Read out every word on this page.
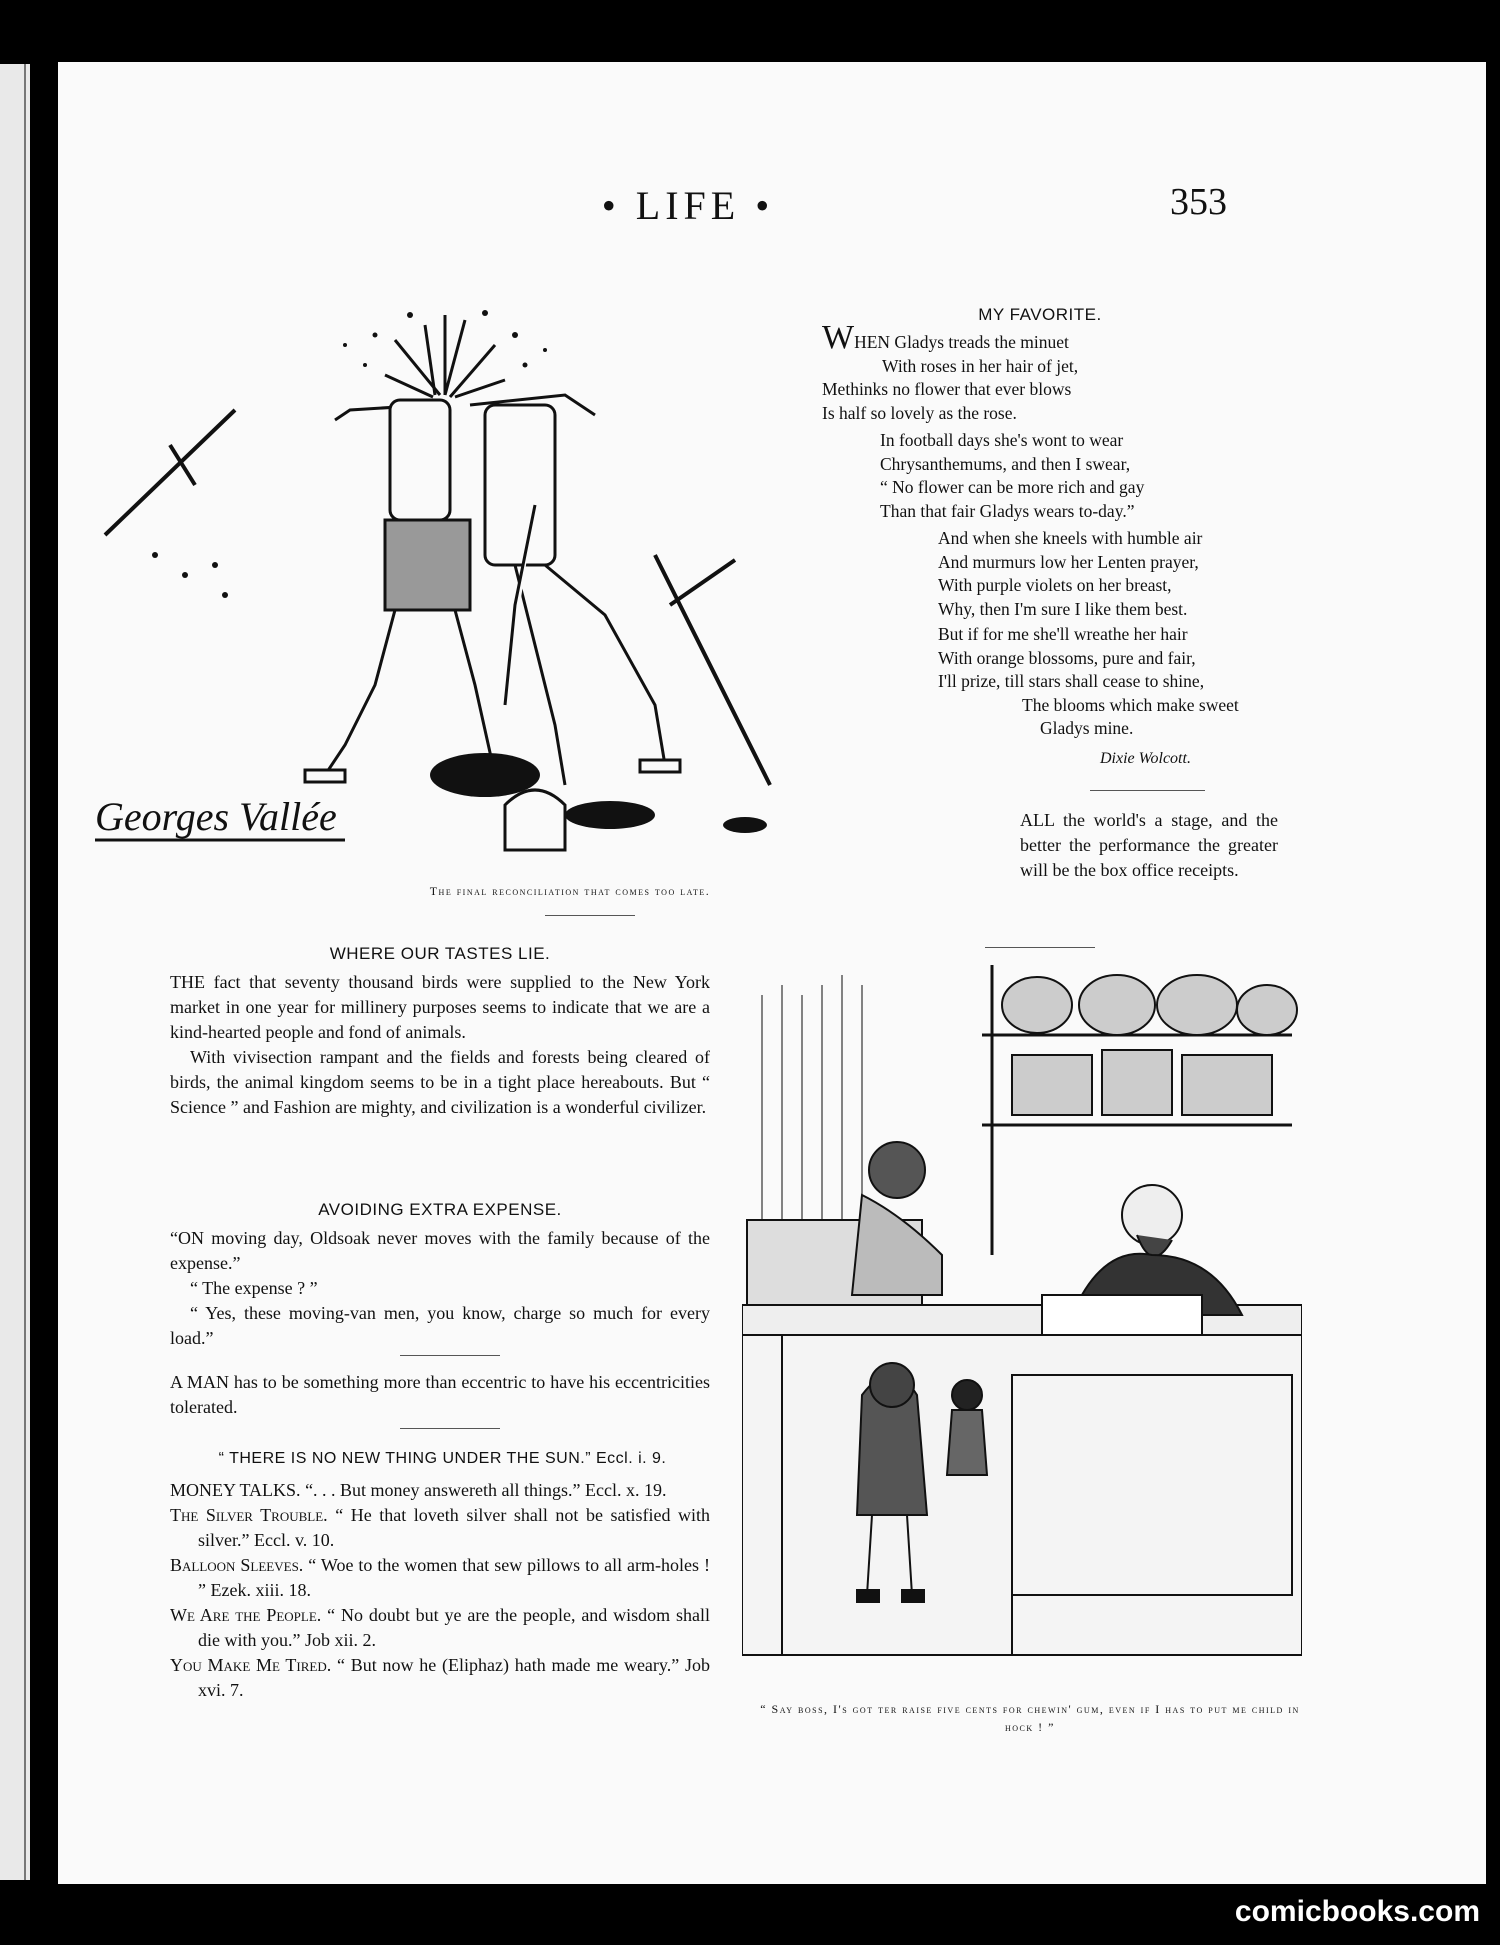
• LIFE •	353
Georges Vallée
The final reconciliation that comes too late.
MY FAVORITE.
WHEN Gladys treads the minuet
With roses in her hair of jet,
Methinks no flower that ever blows
Is half so lovely as the rose.
In football days she's wont to wear
Chrysanthemums, and then I swear,
“ No flower can be more rich and gay
Than that fair Gladys wears to-day.”
And when she kneels with humble air
And murmurs low her Lenten prayer,
With purple violets on her breast,
Why, then I'm sure I like them best.
But if for me she'll wreathe her hair
With orange blossoms, pure and fair,
I'll prize, till stars shall cease to shine,
The blooms which make sweet
Gladys mine.
Dixie Wolcott.

ALL the world's a stage, and the better the performance the greater will be the box office receipts.

WHERE OUR TASTES LIE.

THE fact that seventy thousand birds were supplied to the New York market in one year for millinery purposes seems to indicate that we are a kind-hearted people and fond of animals.

With vivisection rampant and the fields and forests being cleared of birds, the animal kingdom seems to be in a tight place hereabouts. But “ Science ” and Fashion are mighty, and civilization is a wonderful civilizer.

AVOIDING EXTRA EXPENSE.

“ON moving day, Oldsoak never moves with the family because of the expense.”

“ The expense ? ”

“ Yes, these moving-van men, you know, charge so much for every load.”

A MAN has to be something more than eccentric to have his eccentricities tolerated.

“ THERE IS NO NEW THING UNDER THE SUN.” Eccl. i. 9.

MONEY TALKS. “. . . But money answereth all things.” Eccl. x. 19.

The Silver Trouble. “ He that loveth silver shall not be satisfied with silver.” Eccl. v. 10.

Balloon Sleeves. “ Woe to the women that sew pillows to all arm-holes ! ” Ezek. xiii. 18.

We Are the People. “ No doubt but ye are the people, and wisdom shall die with you.” Job xii. 2.

You Make Me Tired. “ But now he (Eliphaz) hath made me weary.” Job xvi. 7.

“ Say boss, I's got ter raise five cents for chewin' gum, even if I has to put me child in hock ! ”
comicbooks.com
